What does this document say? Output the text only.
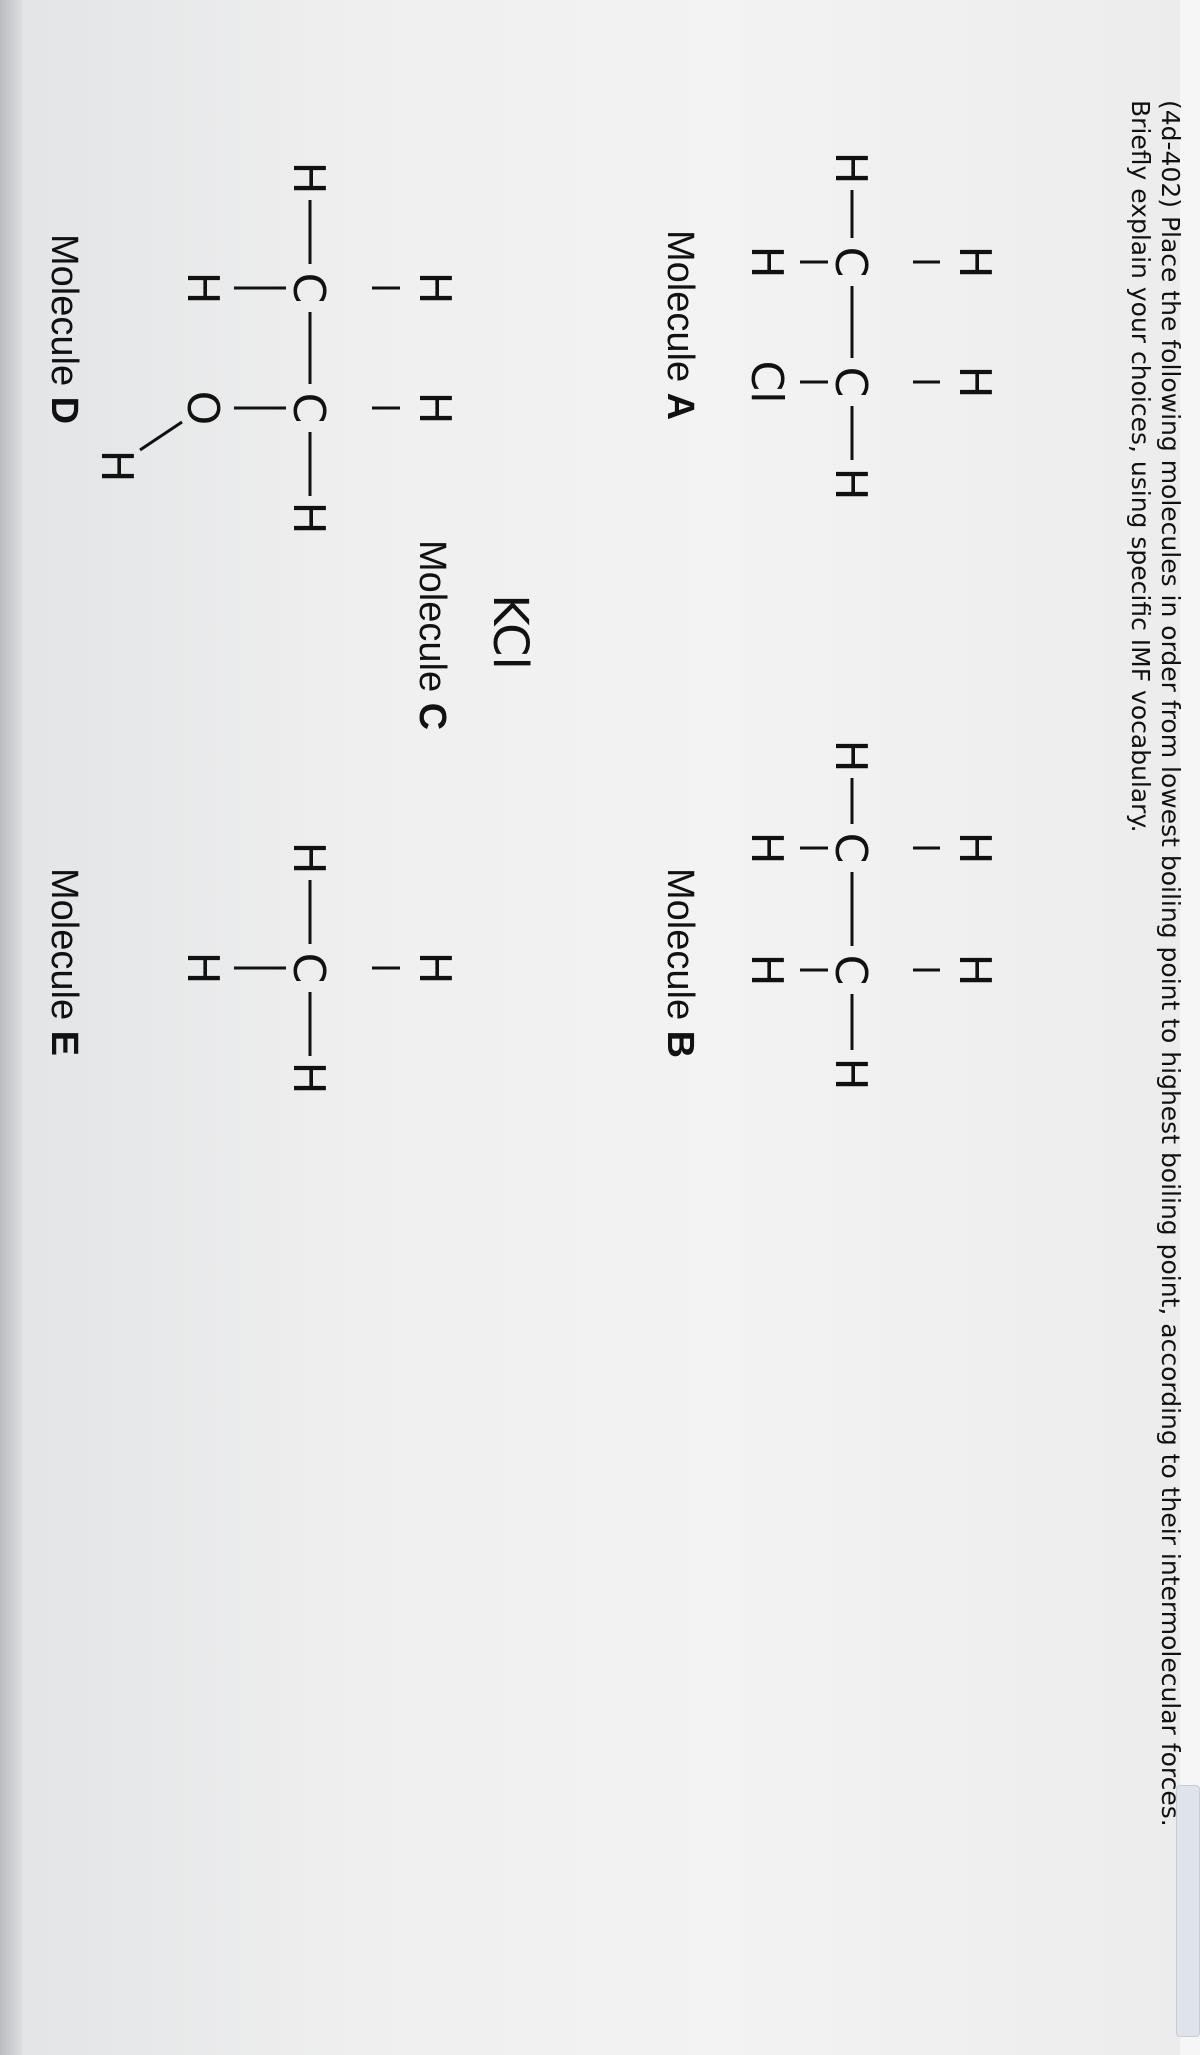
(4d-402) Place the following molecules in order from lowest boiling point to highest boiling point, according to their intermolecular forces.
Briefly explain your choices, using specific IMF vocabulary.
H
H
H
C
C
H
H
Cl
Molecule A
H
H
H
C
C
H
H
H
Molecule B
KCl
Molecule C
H
H
H
C
C
H
H
O
H
Molecule D
H
H
C
H
H
Molecule E
